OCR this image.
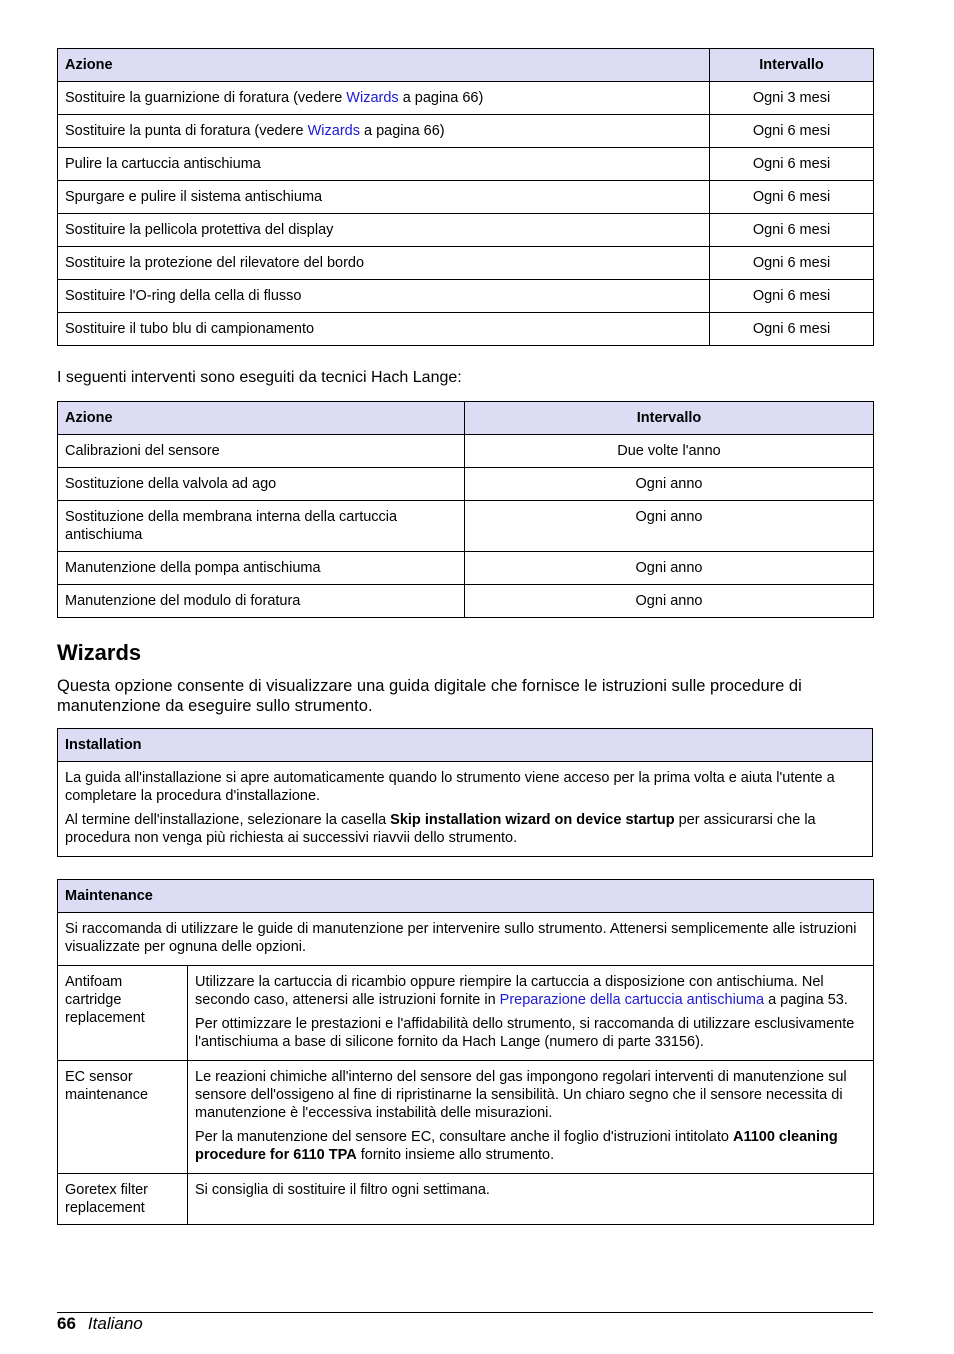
Azione	Intervallo
Sostituire la guarnizione di foratura (vedere Wizards a pagina 66)	Ogni 3 mesi
Sostituire la punta di foratura (vedere Wizards a pagina 66)	Ogni 6 mesi
Pulire la cartuccia antischiuma	Ogni 6 mesi
Spurgare e pulire il sistema antischiuma	Ogni 6 mesi
Sostituire la pellicola protettiva del display	Ogni 6 mesi
Sostituire la protezione del rilevatore del bordo	Ogni 6 mesi
Sostituire l'O-ring della cella di flusso	Ogni 6 mesi
Sostituire il tubo blu di campionamento	Ogni 6 mesi

I seguenti interventi sono eseguiti da tecnici Hach Lange:

Azione	Intervallo
Calibrazioni del sensore	Due volte l'anno
Sostituzione della valvola ad ago	Ogni anno
Sostituzione della membrana interna della cartuccia antischiuma	Ogni anno
Manutenzione della pompa antischiuma	Ogni anno
Manutenzione del modulo di foratura	Ogni anno
Wizards

Questa opzione consente di visualizzare una guida digitale che fornisce le istruzioni sulle procedure di manutenzione da eseguire sullo strumento.

Installation

La guida all'installazione si apre automaticamente quando lo strumento viene acceso per la prima volta e aiuta l'utente a completare la procedura d'installazione.

Al termine dell'installazione, selezionare la casella Skip installation wizard on device startup per assicurarsi che la procedura non venga più richiesta ai successivi riavvii dello strumento.

Maintenance	

Si raccomanda di utilizzare le guide di manutenzione per intervenire sullo strumento. Attenersi semplicemente alle istruzioni visualizzate per ognuna delle opzioni.	

Antifoam cartridge replacement	Utilizzare la cartuccia di ricambio oppure riempire la cartuccia a disposizione con antischiuma. Nel secondo caso, attenersi alle istruzioni fornite in Preparazione della cartuccia antischiuma a pagina 53.

Per ottimizzare le prestazioni e l'affidabilità dello strumento, si raccomanda di utilizzare esclusivamente l'antischiuma a base di silicone fornito da Hach Lange (numero di parte 33156).

EC sensor maintenance	Le reazioni chimiche all'interno del sensore del gas impongono regolari interventi di manutenzione sul sensore dell'ossigeno al fine di ripristinarne la sensibilità. Un chiaro segno che il sensore necessita di manutenzione è l'eccessiva instabilità delle misurazioni.

Per la manutenzione del sensore EC, consultare anche il foglio d'istruzioni intitolato A1100 cleaning procedure for 6110 TPA fornito insieme allo strumento.

Goretex filter replacement	Si consiglia di sostituire il filtro ogni settimana.

66 Italiano
